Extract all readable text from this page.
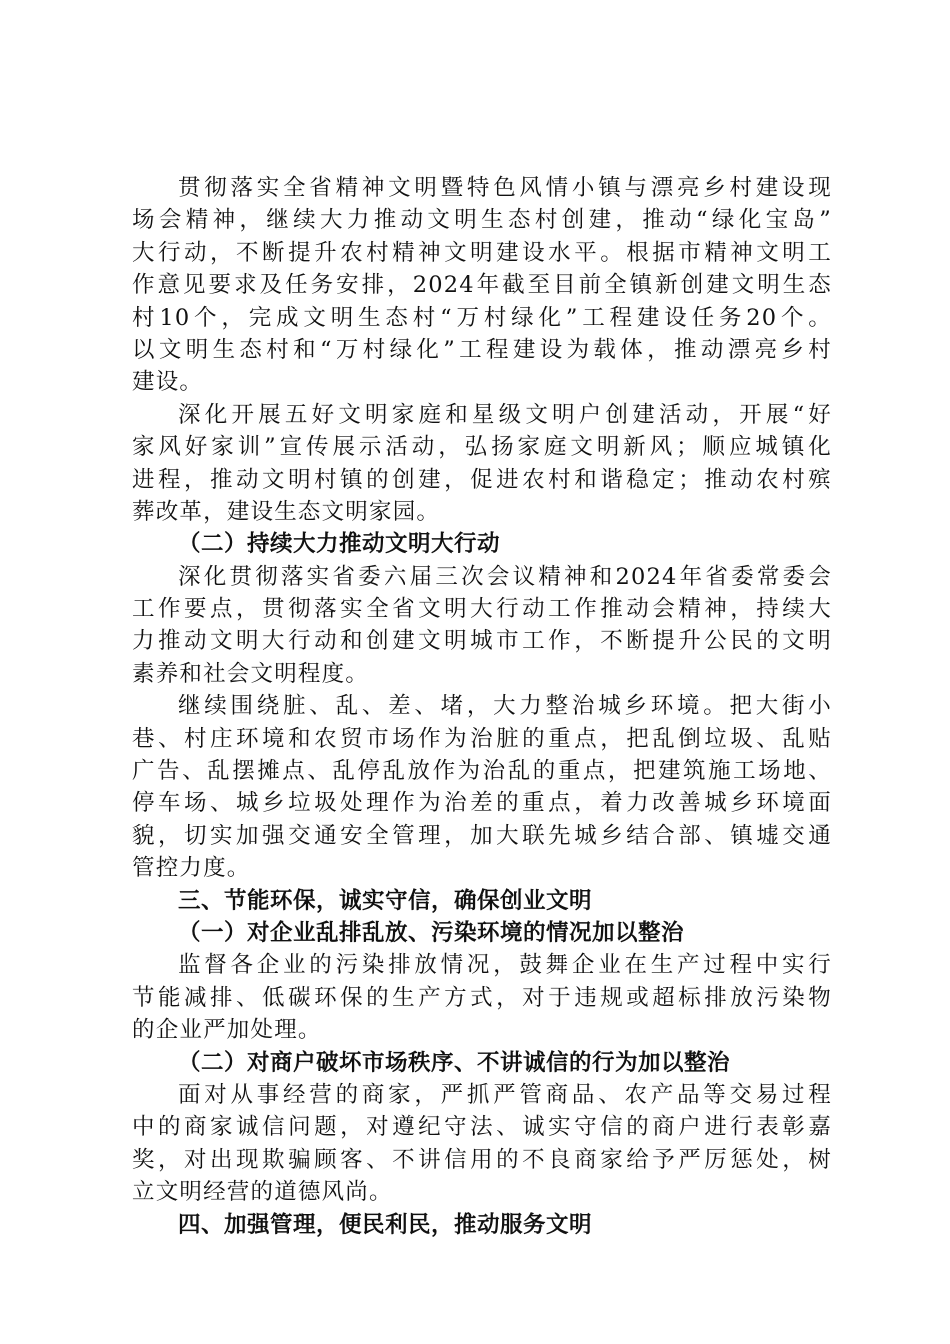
贯彻落实全省精神文明暨特色风情小镇与漂亮乡村建设现
场会精神，继续大力推动文明生态村创建，推动“绿化宝岛”
大行动，不断提升农村精神文明建设水平。根据市精神文明工
作意见要求及任务安排，2024年截至目前全镇新创建文明生态
村10个，完成文明生态村“万村绿化”工程建设任务20个。
以文明生态村和“万村绿化”工程建设为载体，推动漂亮乡村
建设。
深化开展五好文明家庭和星级文明户创建活动，开展“好
家风好家训”宣传展示活动，弘扬家庭文明新风；顺应城镇化
进程，推动文明村镇的创建，促进农村和谐稳定；推动农村殡
葬改革，建设生态文明家园。
（二）持续大力推动文明大行动
深化贯彻落实省委六届三次会议精神和2024年省委常委会
工作要点，贯彻落实全省文明大行动工作推动会精神，持续大
力推动文明大行动和创建文明城市工作，不断提升公民的文明
素养和社会文明程度。
继续围绕脏、乱、差、堵，大力整治城乡环境。把大街小
巷、村庄环境和农贸市场作为治脏的重点，把乱倒垃圾、乱贴
广告、乱摆摊点、乱停乱放作为治乱的重点，把建筑施工场地、
停车场、城乡垃圾处理作为治差的重点，着力改善城乡环境面
貌，切实加强交通安全管理，加大联先城乡结合部、镇墟交通
管控力度。
三、节能环保，诚实守信，确保创业文明
（一）对企业乱排乱放、污染环境的情况加以整治
监督各企业的污染排放情况，鼓舞企业在生产过程中实行
节能减排、低碳环保的生产方式，对于违规或超标排放污染物
的企业严加处理。
（二）对商户破坏市场秩序、不讲诚信的行为加以整治
面对从事经营的商家，严抓严管商品、农产品等交易过程
中的商家诚信问题，对遵纪守法、诚实守信的商户进行表彰嘉
奖，对出现欺骗顾客、不讲信用的不良商家给予严厉惩处，树
立文明经营的道德风尚。
四、加强管理，便民利民，推动服务文明
